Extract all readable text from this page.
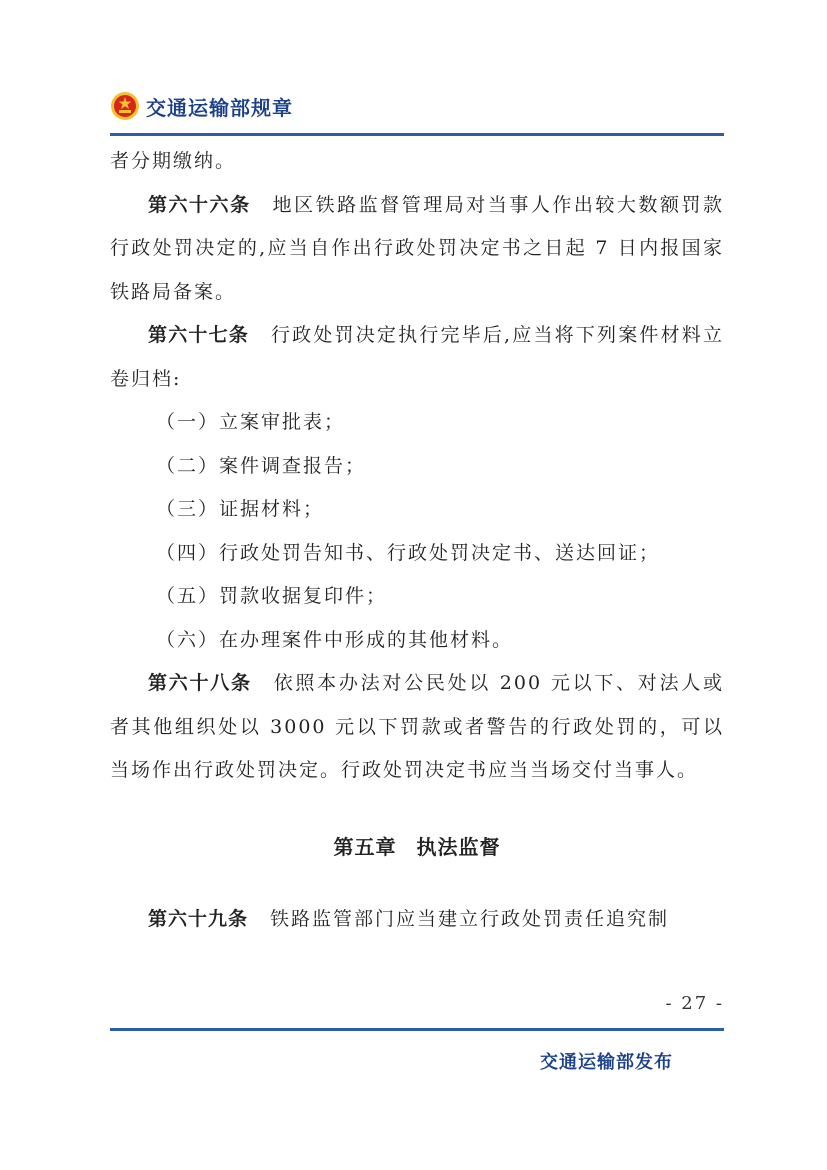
交通运输部规章

者分期缴纳。

第六十六条 地区铁路监督管理局对当事人作出较大数额罚款行政处罚决定的,应当自作出行政处罚决定书之日起 7 日内报国家铁路局备案。

第六十七条 行政处罚决定执行完毕后,应当将下列案件材料立卷归档:

（一）立案审批表；

（二）案件调查报告；

（三）证据材料；

（四）行政处罚告知书、行政处罚决定书、送达回证；

（五）罚款收据复印件；

（六）在办理案件中形成的其他材料。

第六十八条 依照本办法对公民处以 200 元以下、对法人或者其他组织处以 3000 元以下罚款或者警告的行政处罚的，可以当场作出行政处罚决定。行政处罚决定书应当当场交付当事人。

第五章 执法监督

第六十九条 铁路监管部门应当建立行政处罚责任追究制

- 27 -
交通运输部发布
